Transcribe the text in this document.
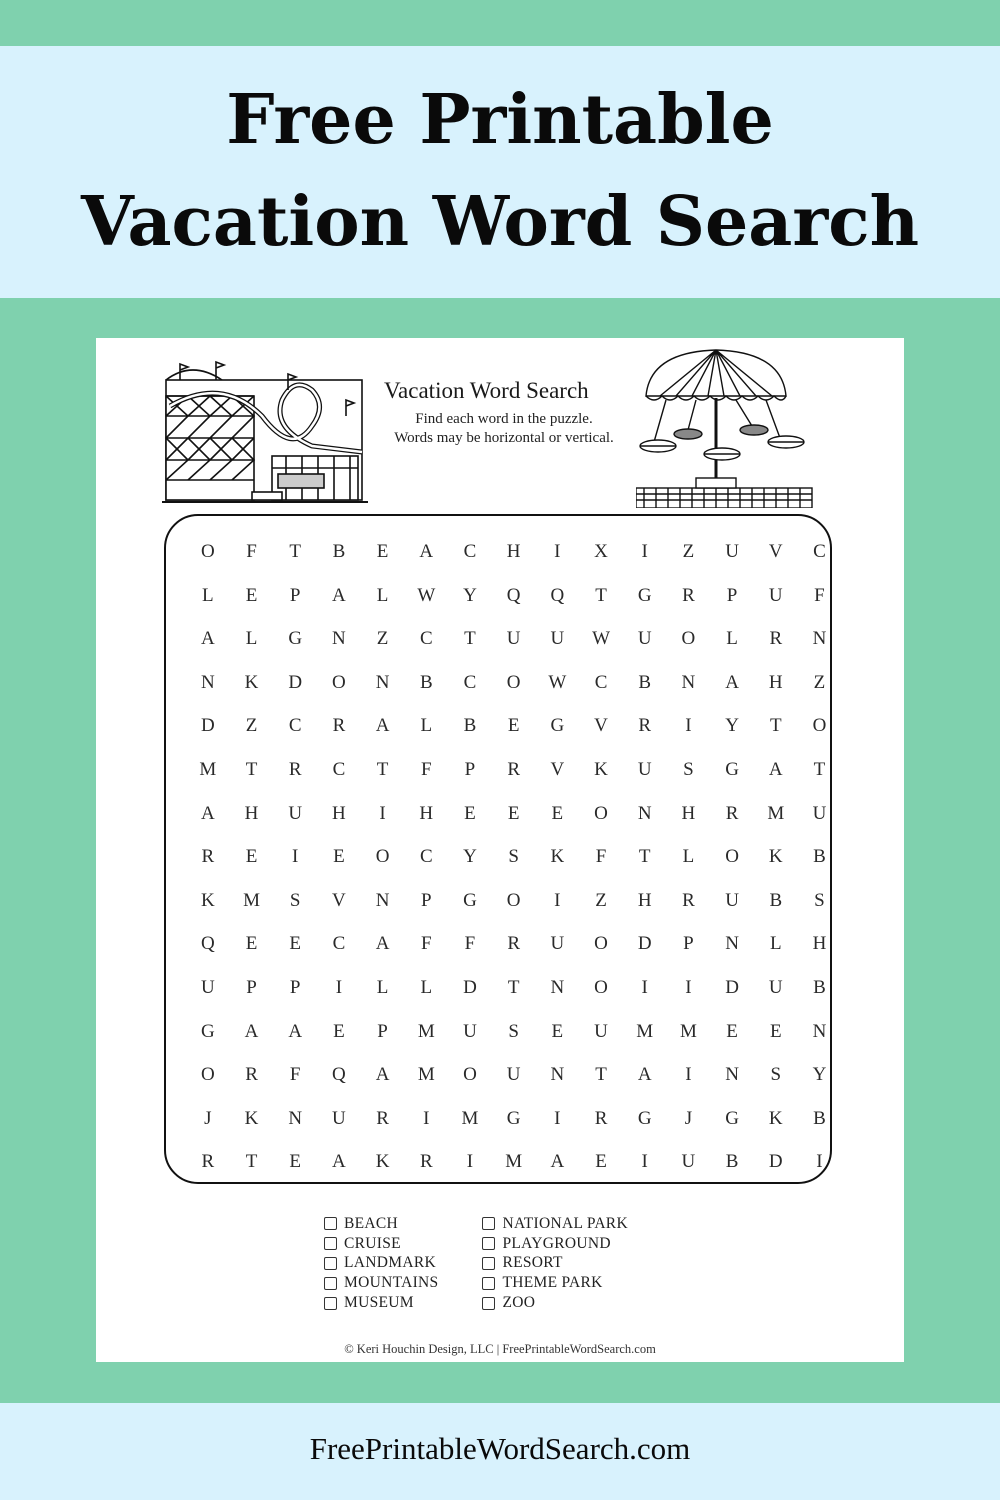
Free Printable
Vacation Word Search
Vacation Word Search
Find each word in the puzzle.
Words may be horizontal or vertical.
O	F	T	B	E	A	C	H	I	X	I	Z	U	V	C
L	E	P	A	L	W	Y	Q	Q	T	G	R	P	U	F
A	L	G	N	Z	C	T	U	U	W	U	O	L	R	N
N	K	D	O	N	B	C	O	W	C	B	N	A	H	Z
D	Z	C	R	A	L	B	E	G	V	R	I	Y	T	O
M	T	R	C	T	F	P	R	V	K	U	S	G	A	T
A	H	U	H	I	H	E	E	E	O	N	H	R	M	U
R	E	I	E	O	C	Y	S	K	F	T	L	O	K	B
K	M	S	V	N	P	G	O	I	Z	H	R	U	B	S
Q	E	E	C	A	F	F	R	U	O	D	P	N	L	H
U	P	P	I	L	L	D	T	N	O	I	I	D	U	B
G	A	A	E	P	M	U	S	E	U	M	M	E	E	N
O	R	F	Q	A	M	O	U	N	T	A	I	N	S	Y
J	K	N	U	R	I	M	G	I	R	G	J	G	K	B
R	T	E	A	K	R	I	M	A	E	I	U	B	D	I
BEACH
CRUISE
LANDMARK
MOUNTAINS
MUSEUM
NATIONAL PARK
PLAYGROUND
RESORT
THEME PARK
ZOO
© Keri Houchin Design, LLC | FreePrintableWordSearch.com

FreePrintableWordSearch.com
